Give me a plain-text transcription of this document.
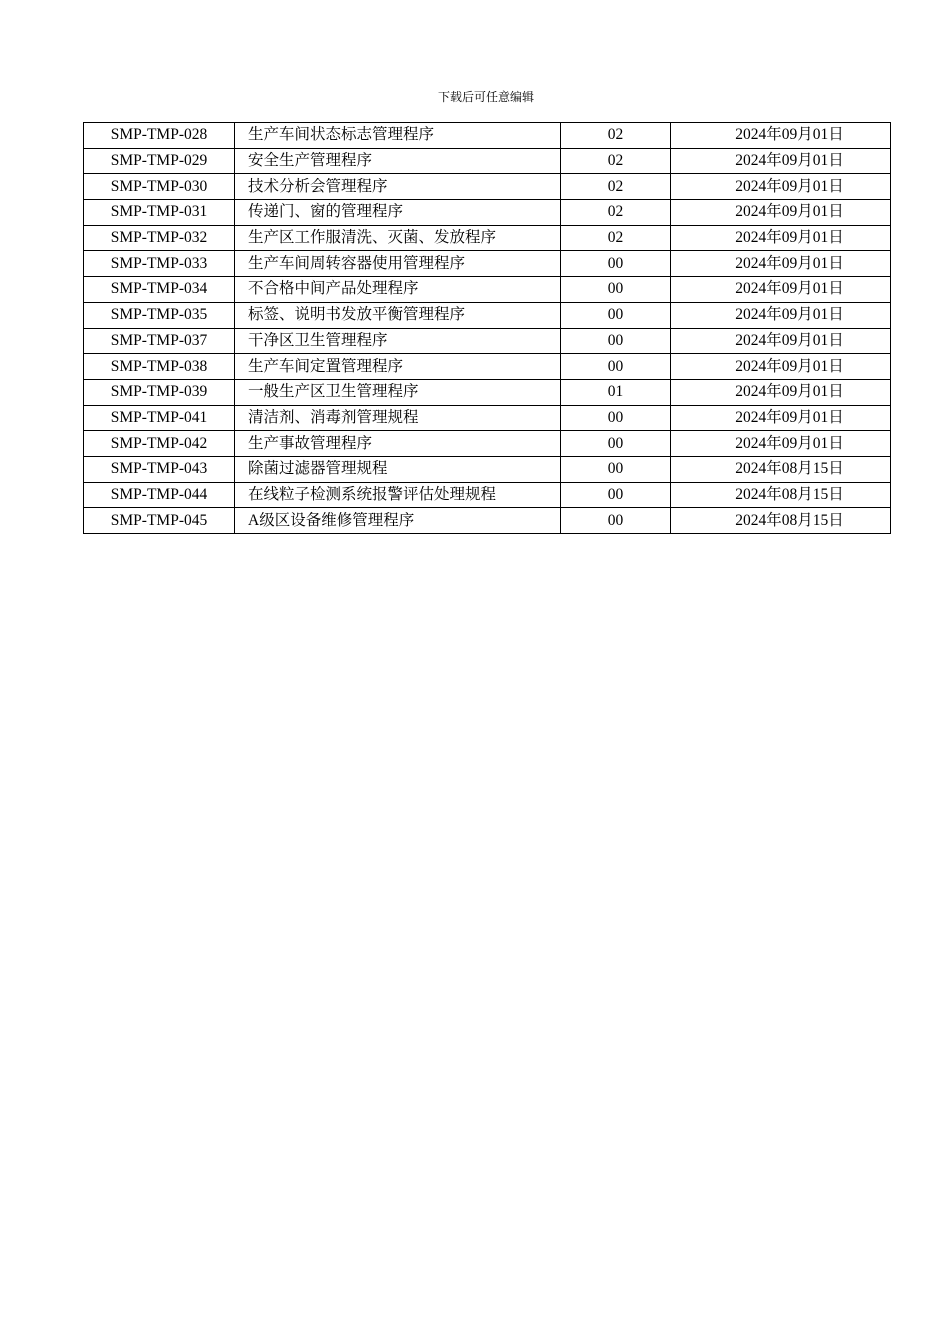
下载后可任意编辑
SMP-TMP-028	生产车间状态标志管理程序	02	2024年09月01日
SMP-TMP-029	安全生产管理程序	02	2024年09月01日
SMP-TMP-030	技术分析会管理程序	02	2024年09月01日
SMP-TMP-031	传递门、窗的管理程序	02	2024年09月01日
SMP-TMP-032	生产区工作服清洗、灭菌、发放程序	02	2024年09月01日
SMP-TMP-033	生产车间周转容器使用管理程序	00	2024年09月01日
SMP-TMP-034	不合格中间产品处理程序	00	2024年09月01日
SMP-TMP-035	标签、说明书发放平衡管理程序	00	2024年09月01日
SMP-TMP-037	干净区卫生管理程序	00	2024年09月01日
SMP-TMP-038	生产车间定置管理程序	00	2024年09月01日
SMP-TMP-039	一般生产区卫生管理程序	01	2024年09月01日
SMP-TMP-041	清洁剂、消毒剂管理规程	00	2024年09月01日
SMP-TMP-042	生产事故管理程序	00	2024年09月01日
SMP-TMP-043	除菌过滤器管理规程	00	2024年08月15日
SMP-TMP-044	在线粒子检测系统报警评估处理规程	00	2024年08月15日
SMP-TMP-045	A级区设备维修管理程序	00	2024年08月15日
